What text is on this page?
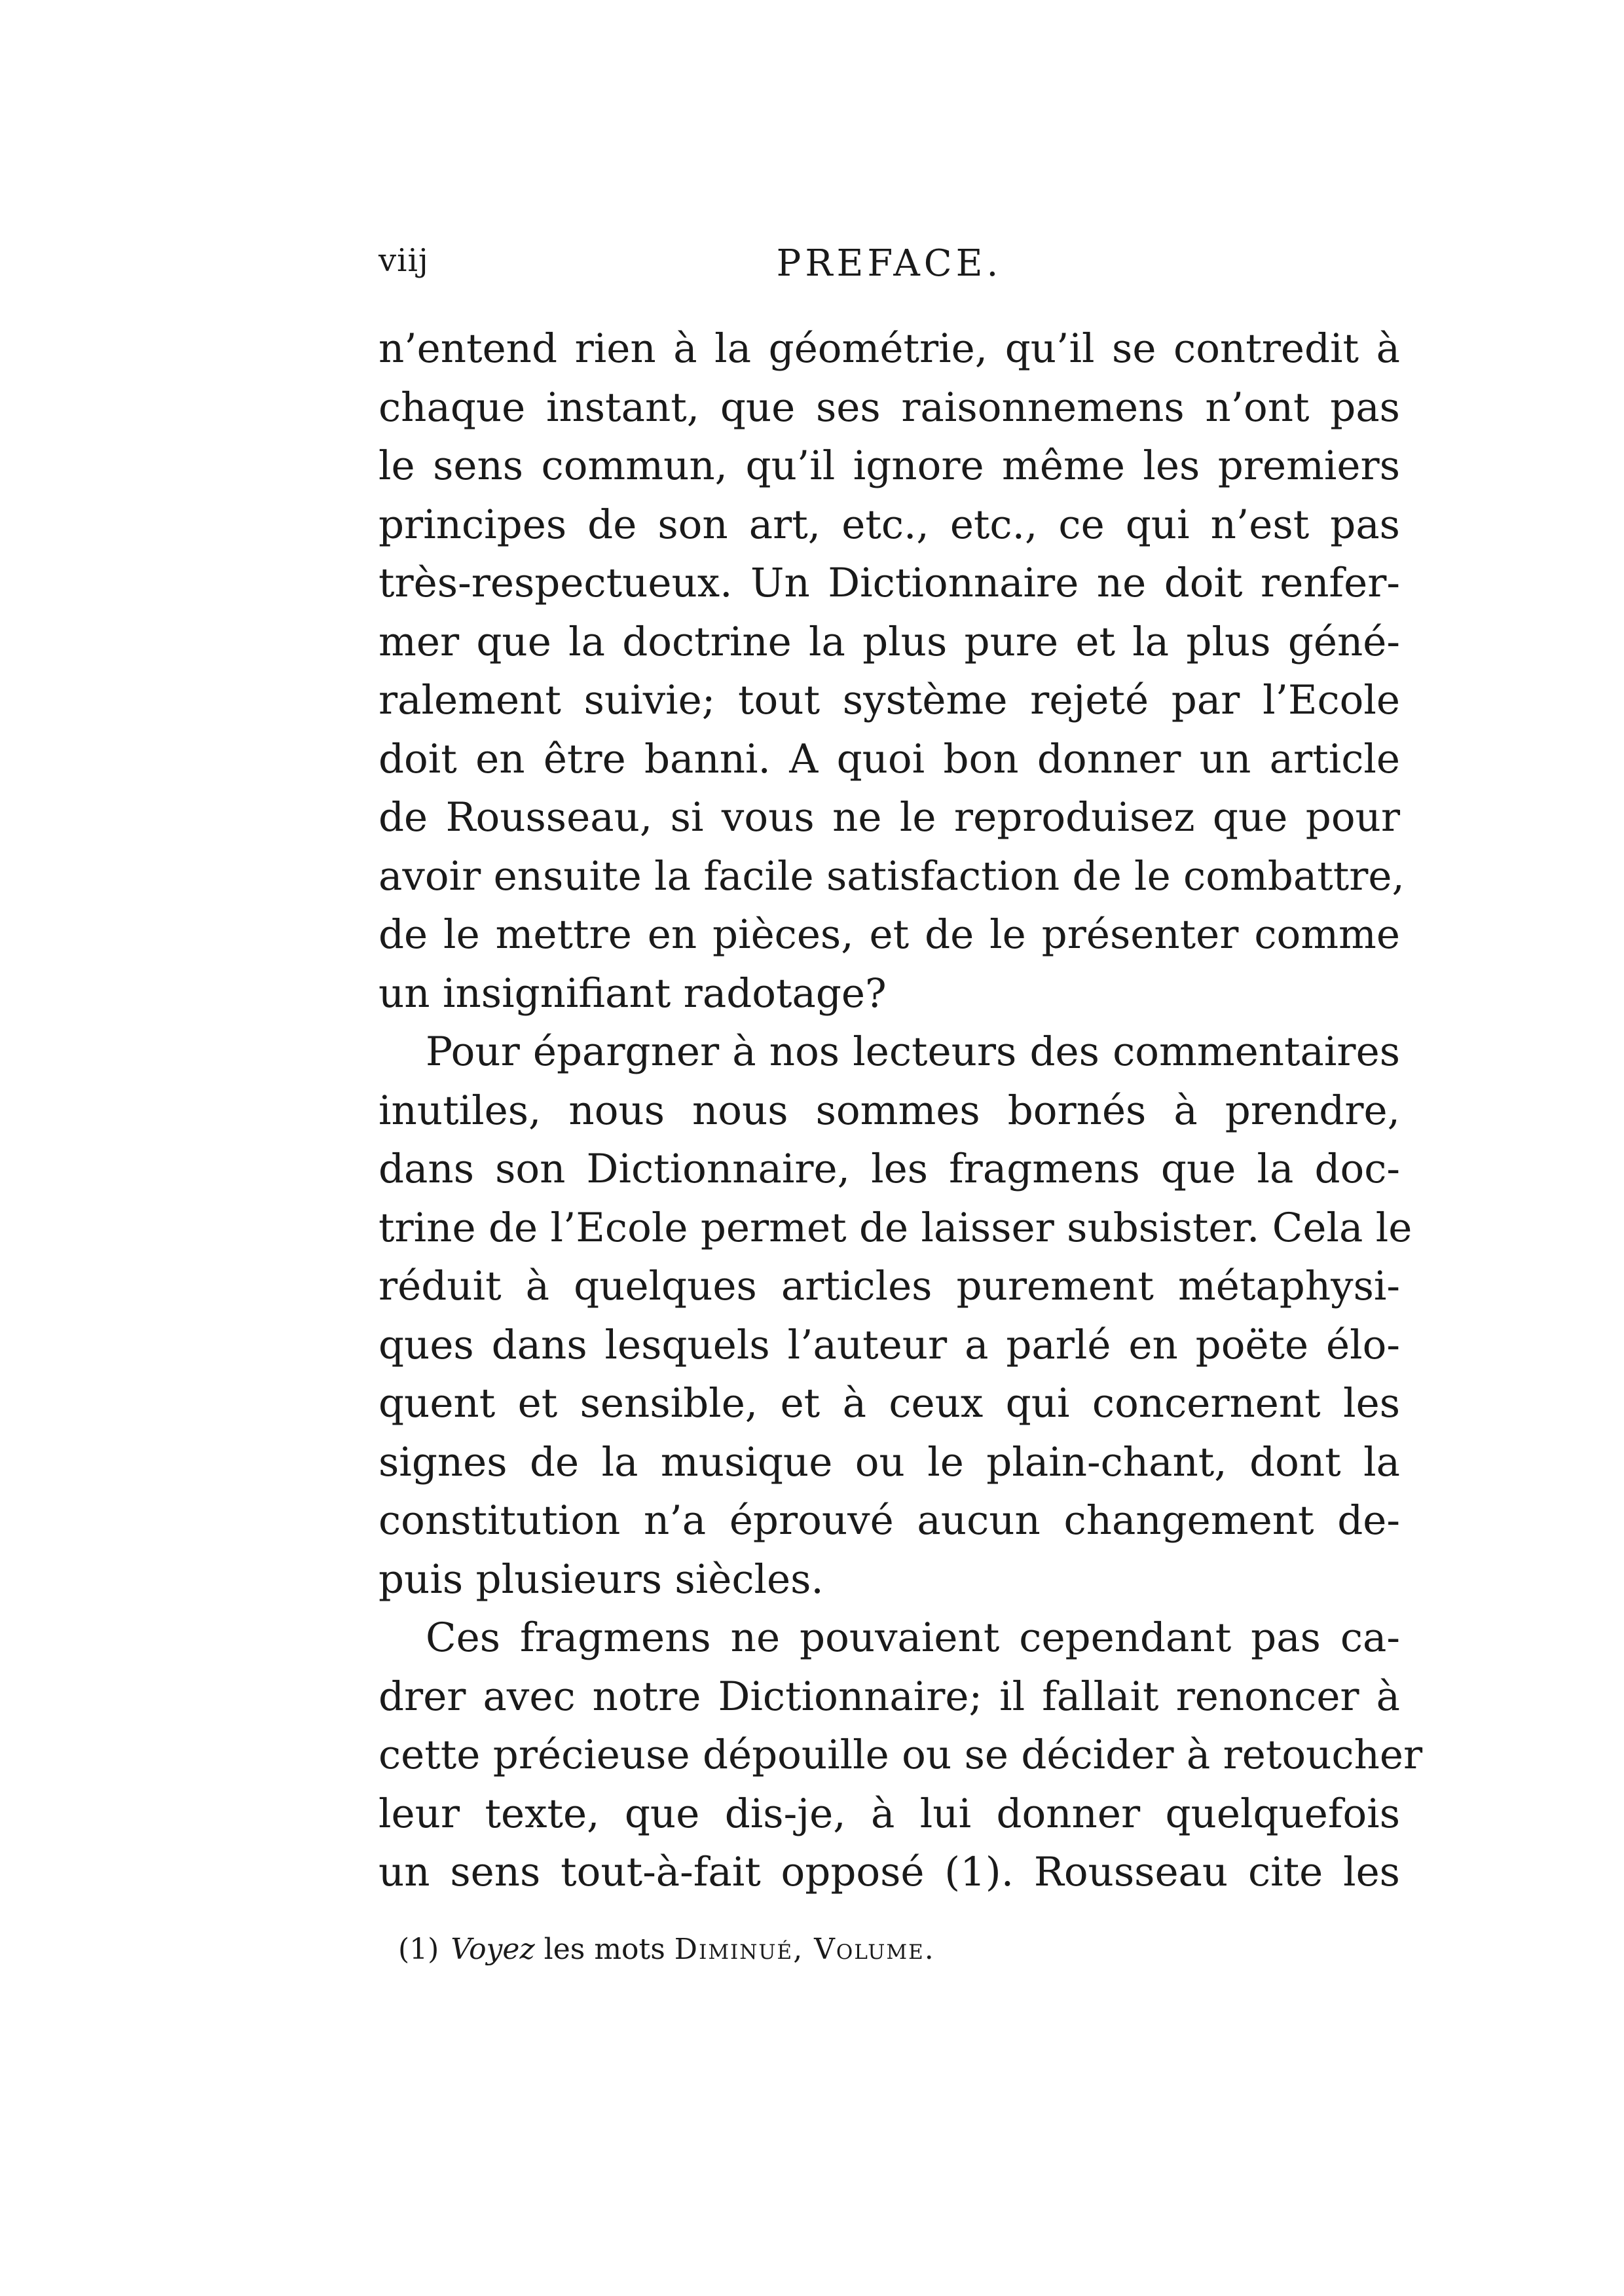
viij	PREFACE.
n’entend rien à la géométrie, qu’il se contredit à
chaque instant, que ses raisonnemens n’ont pas
le sens commun, qu’il ignore même les premiers
principes de son art, etc., etc., ce qui n’est pas
très-respectueux. Un Dictionnaire ne doit renfer-
mer que la doctrine la plus pure et la plus géné-
ralement suivie; tout système rejeté par l’Ecole
doit en être banni. A quoi bon donner un article
de Rousseau, si vous ne le reproduisez que pour
avoir ensuite la facile satisfaction de le combattre,
de le mettre en pièces, et de le présenter comme
un insignifiant radotage?
Pour épargner à nos lecteurs des commentaires
inutiles, nous nous sommes bornés à prendre,
dans son Dictionnaire, les fragmens que la doc-
trine de l’Ecole permet de laisser subsister. Cela le
réduit à quelques articles purement métaphysi-
ques dans lesquels l’auteur a parlé en poëte élo-
quent et sensible, et à ceux qui concernent les
signes de la musique ou le plain-chant, dont la
constitution n’a éprouvé aucun changement de-
puis plusieurs siècles.
Ces fragmens ne pouvaient cependant pas ca-
drer avec notre Dictionnaire; il fallait renoncer à
cette précieuse dépouille ou se décider à retoucher
leur texte, que dis-je, à lui donner quelquefois
un sens tout-à-fait opposé (1). Rousseau cite les
(1) Voyez les mots Diminué, Volume.
